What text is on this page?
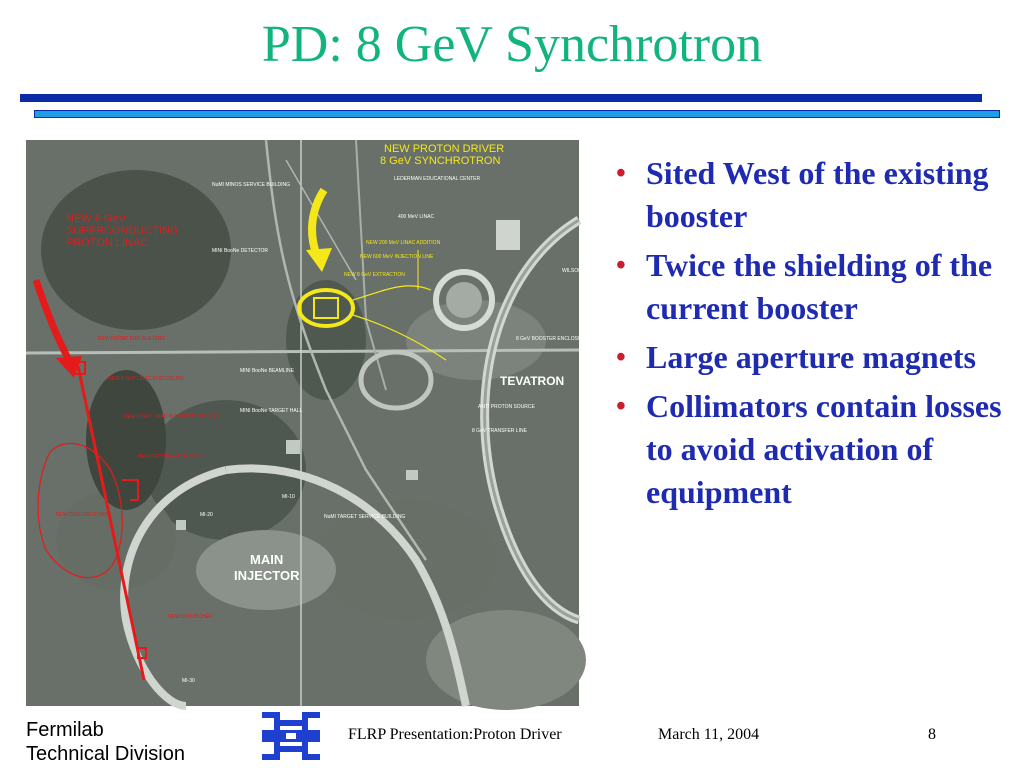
PD: 8 GeV Synchrotron
NEW PROTON DRIVER
8 GeV SYNCHROTRON
NEW 8 GeV
SUPERCONDUCTING
PROTON LINAC
TEVATRON
MAIN
INJECTOR
NuMI MINOS SERVICE BUILDING
LEDERMAN EDUCATIONAL CENTER
400 MeV LINAC
MINI BooNe DETECTOR
NEW 200 MeV LINAC ADDITION
NEW 600 MeV INJECTION LINE
NEW 8 GeV EXTRACTION
8 GeV BOOSTER ENCLOSURE
WILSON HALL
NEW FRONT END BUILDING
NEW 8 GeV LINAC ENCLOSURE
NEW 8 GeV LINAC KLYSTRON GALLERY
NEW CRYOGENIC FACILITY
NEW COOLING POND
MINI BooNe BEAMLINE
MINI BooNe TARGET HALL
ANTI PROTON SOURCE
8 GeV TRANSFER LINE
MI-10
NuMI TARGET SERVICE BUILDING
MI-20
NEW DEBUNCHER
MI-30
• Sited West of the existing booster
• Twice the shielding of the current booster
• Large aperture magnets
• Collimators contain losses to avoid activation of equipment
Fermilab
Technical Division
FLRP Presentation:Proton Driver	March 11, 2004	8
